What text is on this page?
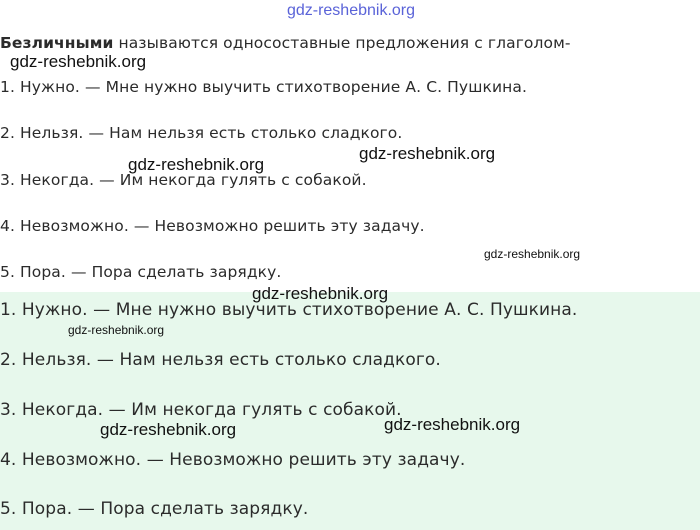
Безличными называются односоставные предложения с глаголом-
1. Нужно. — Мне нужно выучить стихотворение А. С. Пушкина.
2. Нельзя. — Нам нельзя есть столько сладкого.
3. Некогда. — Им некогда гулять с собакой.
4. Невозможно. — Невозможно решить эту задачу.
5. Пора. — Пора сделать зарядку.
1. Нужно. — Мне нужно выучить стихотворение А. С. Пушкина.
2. Нельзя. — Нам нельзя есть столько сладкого.
3. Некогда. — Им некогда гулять с собакой.
4. Невозможно. — Невозможно решить эту задачу.
5. Пора. — Пора сделать зарядку.
gdz-reshebnik.org
gdz-reshebnik.org
gdz-reshebnik.org
gdz-reshebnik.org
gdz-reshebnik.org
gdz-reshebnik.org
gdz-reshebnik.org
gdz-reshebnik.org	gdz-reshebnik.org
